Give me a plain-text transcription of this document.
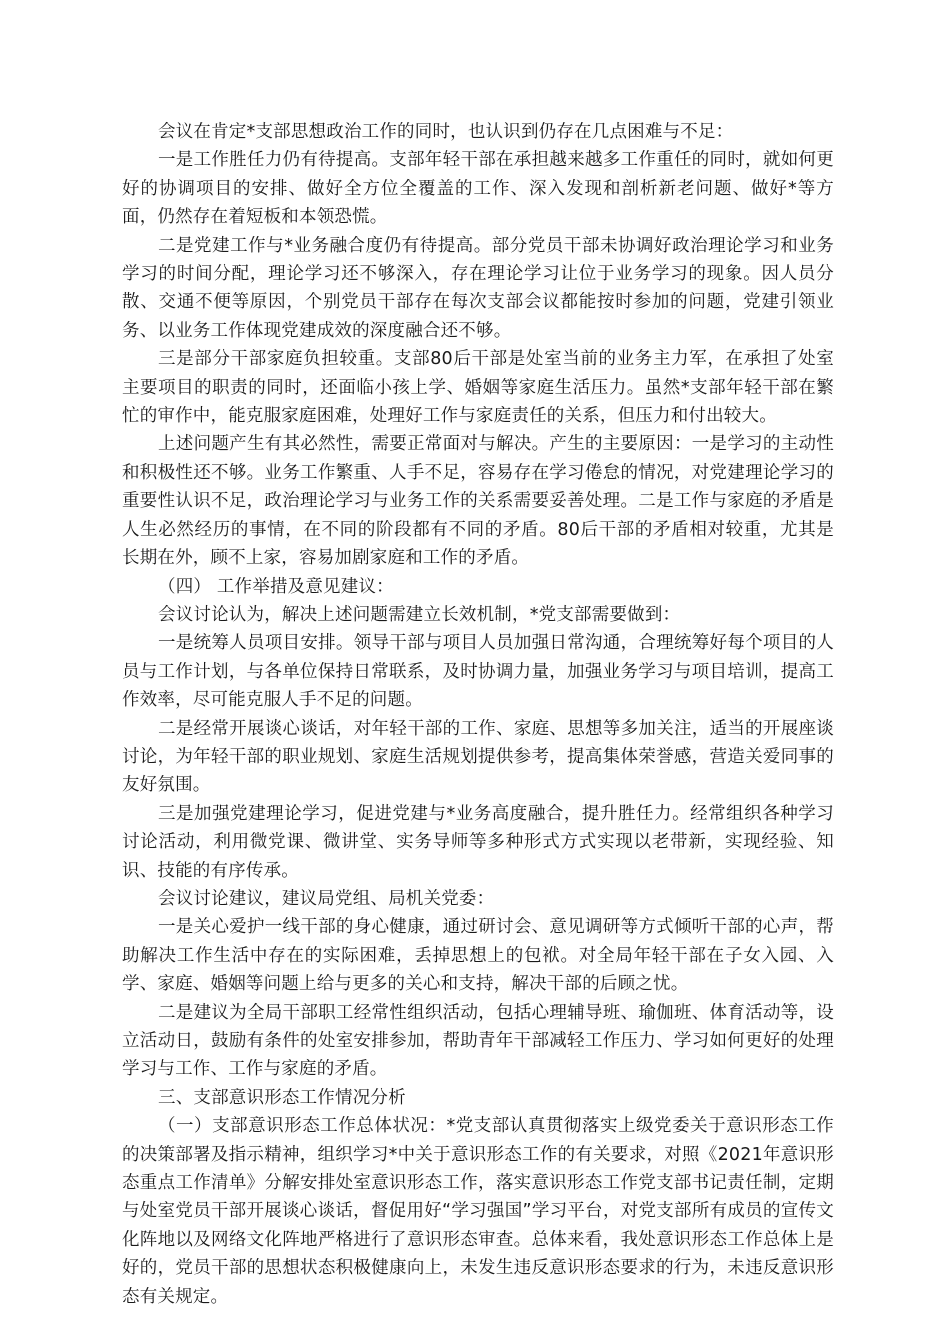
会议在肯定*支部思想政治工作的同时，也认识到仍存在几点困难与不足：

一是工作胜任力仍有待提高。支部年轻干部在承担越来越多工作重任的同时，就如何更好的协调项目的安排、做好全方位全覆盖的工作、深入发现和剖析新老问题、做好*等方面，仍然存在着短板和本领恐慌。

二是党建工作与*业务融合度仍有待提高。部分党员干部未协调好政治理论学习和业务学习的时间分配，理论学习还不够深入，存在理论学习让位于业务学习的现象。因人员分散、交通不便等原因，个别党员干部存在每次支部会议都能按时参加的问题，党建引领业务、以业务工作体现党建成效的深度融合还不够。

三是部分干部家庭负担较重。支部80后干部是处室当前的业务主力军，在承担了处室主要项目的职责的同时，还面临小孩上学、婚姻等家庭生活压力。虽然*支部年轻干部在繁忙的审作中，能克服家庭困难，处理好工作与家庭责任的关系，但压力和付出较大。

上述问题产生有其必然性，需要正常面对与解决。产生的主要原因：一是学习的主动性和积极性还不够。业务工作繁重、人手不足，容易存在学习倦怠的情况，对党建理论学习的重要性认识不足，政治理论学习与业务工作的关系需要妥善处理。二是工作与家庭的矛盾是人生必然经历的事情，在不同的阶段都有不同的矛盾。80后干部的矛盾相对较重，尤其是长期在外，顾不上家，容易加剧家庭和工作的矛盾。

（四） 工作举措及意见建议：

会议讨论认为，解决上述问题需建立长效机制，*党支部需要做到：

一是统筹人员项目安排。领导干部与项目人员加强日常沟通，合理统筹好每个项目的人员与工作计划，与各单位保持日常联系，及时协调力量，加强业务学习与项目培训，提高工作效率，尽可能克服人手不足的问题。

二是经常开展谈心谈话，对年轻干部的工作、家庭、思想等多加关注，适当的开展座谈讨论，为年轻干部的职业规划、家庭生活规划提供参考，提高集体荣誉感，营造关爱同事的友好氛围。

三是加强党建理论学习，促进党建与*业务高度融合，提升胜任力。经常组织各种学习讨论活动，利用微党课、微讲堂、实务导师等多种形式方式实现以老带新，实现经验、知识、技能的有序传承。

会议讨论建议，建议局党组、局机关党委：

一是关心爱护一线干部的身心健康，通过研讨会、意见调研等方式倾听干部的心声，帮助解决工作生活中存在的实际困难，丢掉思想上的包袱。对全局年轻干部在子女入园、入学、家庭、婚姻等问题上给与更多的关心和支持，解决干部的后顾之忧。

二是建议为全局干部职工经常性组织活动，包括心理辅导班、瑜伽班、体育活动等，设立活动日，鼓励有条件的处室安排参加，帮助青年干部减轻工作压力、学习如何更好的处理学习与工作、工作与家庭的矛盾。

三、支部意识形态工作情况分析

（一）支部意识形态工作总体状况：*党支部认真贯彻落实上级党委关于意识形态工作的决策部署及指示精神，组织学习*中关于意识形态工作的有关要求，对照《2021年意识形态重点工作清单》分解安排处室意识形态工作，落实意识形态工作党支部书记责任制，定期与处室党员干部开展谈心谈话，督促用好“学习强国”学习平台，对党支部所有成员的宣传文化阵地以及网络文化阵地严格进行了意识形态审查。总体来看，我处意识形态工作总体上是好的，党员干部的思想状态积极健康向上，未发生违反意识形态要求的行为，未违反意识形态有关规定。
